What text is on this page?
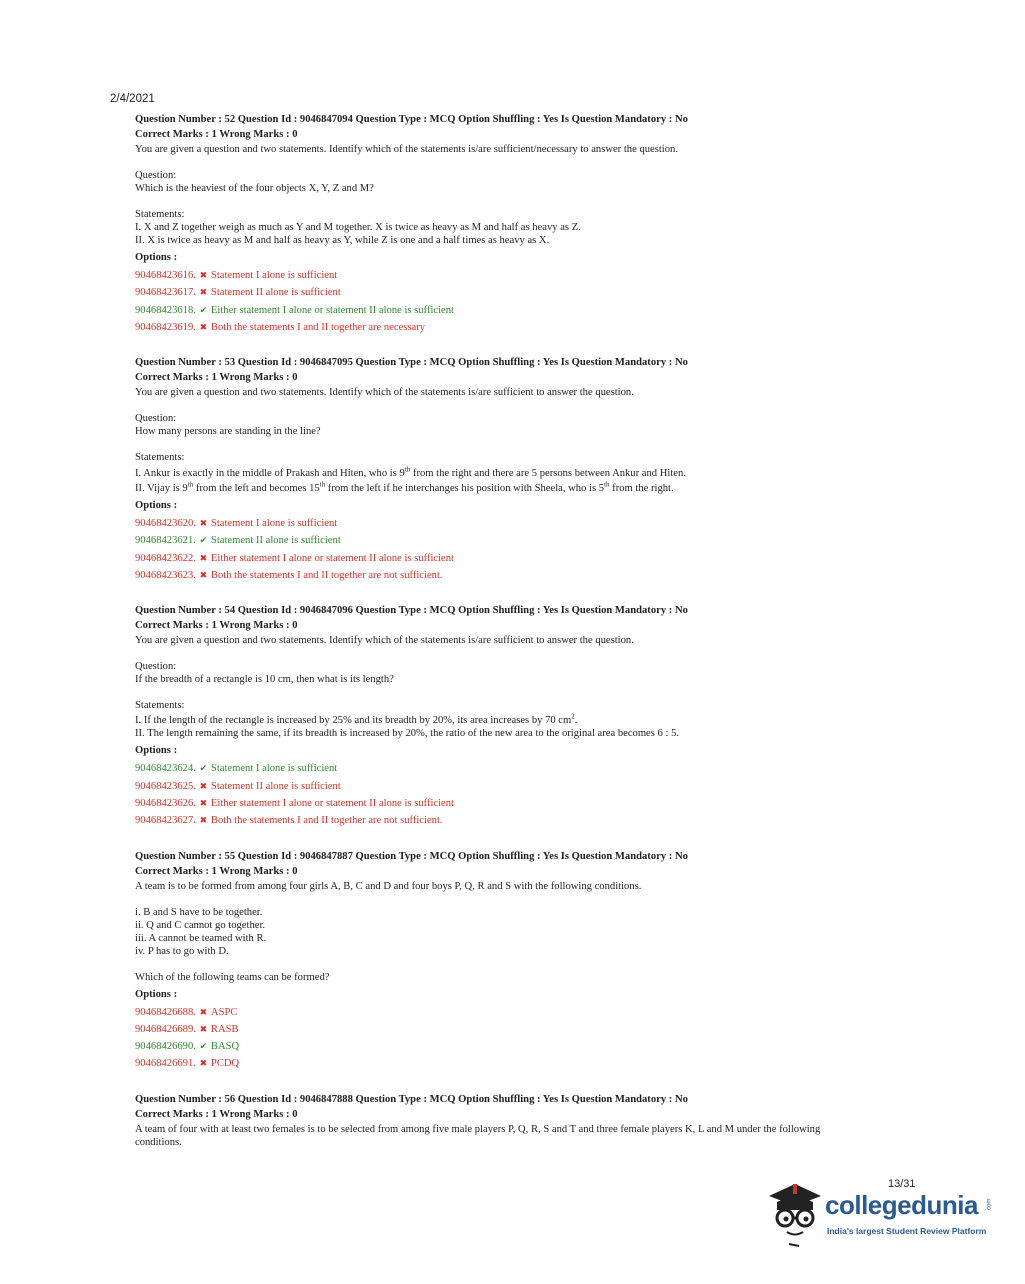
2/4/2021
Question Number : 52 Question Id : 9046847094 Question Type : MCQ Option Shuffling : Yes Is Question Mandatory : No
Correct Marks : 1 Wrong Marks : 0

You are given a question and two statements. Identify which of the statements is/are sufficient/necessary to answer the question.

Question:

Which is the heaviest of the four objects X, Y, Z and M?

Statements:

I. X and Z together weigh as much as Y and M together. X is twice as heavy as M and half as heavy as Z.

II. X is twice as heavy as M and half as heavy as Y, while Z is one and a half times as heavy as X.

Options :
90468423616. ✖ Statement I alone is sufficient
90468423617. ✖ Statement II alone is sufficient
90468423618. ✔ Either statement I alone or statement II alone is sufficient
90468423619. ✖ Both the statements I and II together are necessary
Question Number : 53 Question Id : 9046847095 Question Type : MCQ Option Shuffling : Yes Is Question Mandatory : No
Correct Marks : 1 Wrong Marks : 0

You are given a question and two statements. Identify which of the statements is/are sufficient to answer the question.

Question:

How many persons are standing in the line?

Statements:

I. Ankur is exactly in the middle of Prakash and Hiten, who is 9th from the right and there are 5 persons between Ankur and Hiten.

II. Vijay is 9th from the left and becomes 15th from the left if he interchanges his position with Sheela, who is 5th from the right.

Options :
90468423620. ✖ Statement I alone is sufficient
90468423621. ✔ Statement II alone is sufficient
90468423622. ✖ Either statement I alone or statement II alone is sufficient
90468423623. ✖ Both the statements I and II together are not sufficient.
Question Number : 54 Question Id : 9046847096 Question Type : MCQ Option Shuffling : Yes Is Question Mandatory : No
Correct Marks : 1 Wrong Marks : 0

You are given a question and two statements. Identify which of the statements is/are sufficient to answer the question.

Question:

If the breadth of a rectangle is 10 cm, then what is its length?

Statements:

I. If the length of the rectangle is increased by 25% and its breadth by 20%, its area increases by 70 $cm^2$.

II. The length remaining the same, if its breadth is increased by 20%, the ratio of the new area to the original area becomes 6 : 5.

Options :
90468423624. ✔ Statement I alone is sufficient
90468423625. ✖ Statement II alone is sufficient
90468423626. ✖ Either statement I alone or statement II alone is sufficient
90468423627. ✖ Both the statements I and II together are not sufficient.
Question Number : 55 Question Id : 9046847887 Question Type : MCQ Option Shuffling : Yes Is Question Mandatory : No
Correct Marks : 1 Wrong Marks : 0

A team is to be formed from among four girls A, B, C and D and four boys P, Q, R and S with the following conditions.

i. B and S have to be together.

ii. Q and C cannot go together.

iii. A cannot be teamed with R.

iv. P has to go with D.

Which of the following teams can be formed?

Options :
90468426688. ✖ ASPC
90468426689. ✖ RASB
90468426690. ✔ BASQ
90468426691. ✖ PCDQ
Question Number : 56 Question Id : 9046847888 Question Type : MCQ Option Shuffling : Yes Is Question Mandatory : No
Correct Marks : 1 Wrong Marks : 0

A team of four with at least two females is to be selected from among five male players P, Q, R, S and T and three female players K, L and M under the following
conditions.

13/31
collegedunia .com
India's largest Student Review Platform
